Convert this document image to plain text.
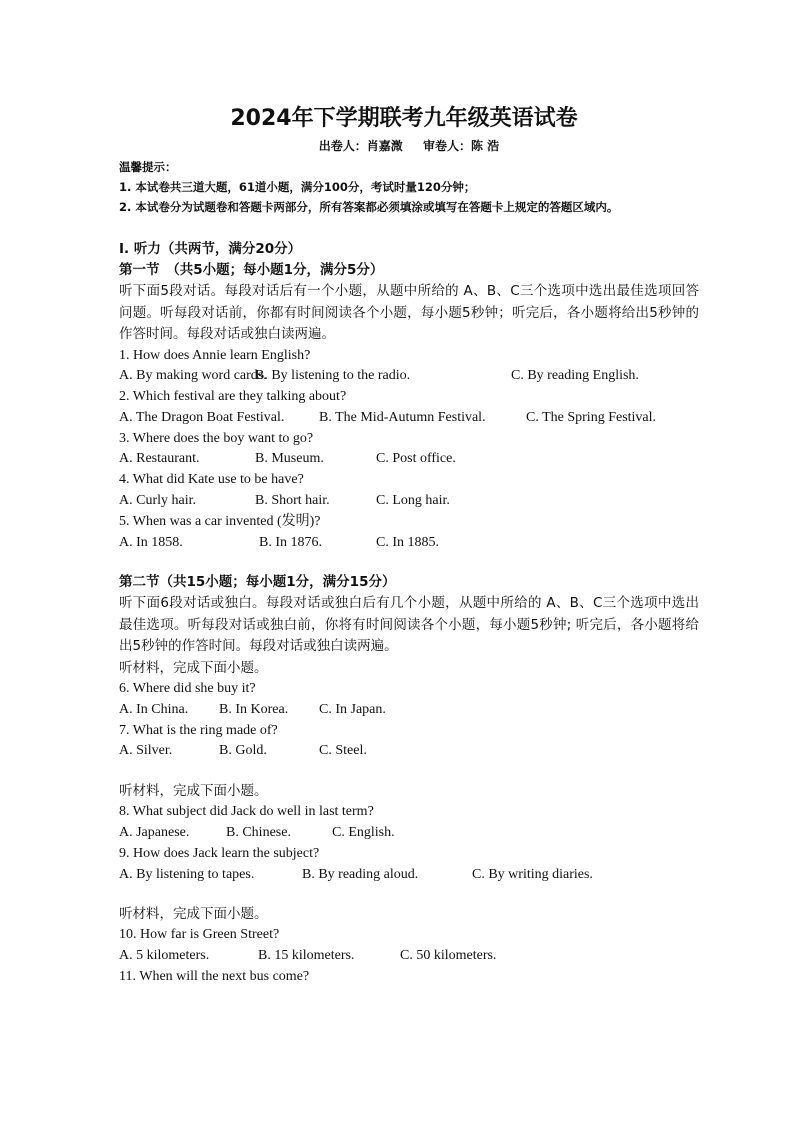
2024年下学期联考九年级英语试卷
出卷人：肖嘉溦 审卷人：陈 浩
温馨提示：
1. 本试卷共三道大题，61道小题，满分100分，考试时量120分钟；
2. 本试卷分为试题卷和答题卡两部分，所有答案都必须填涂或填写在答题卡上规定的答题区域内。
I. 听力（共两节，满分20分）
第一节　（共5小题；每小题1分，满分5分）
听下面5段对话。每段对话后有一个小题，从题中所给的 A、B、C三个选项中选出最佳选项回答问题。听每段对话前，你都有时间阅读各个小题，每小题5秒钟；听完后，各小题将给出5秒钟的作答时间。每段对话或独白读两遍。
1. How does Annie learn English?
A. By making word cards.B. By listening to the radio.	C. By reading English.
2. Which festival are they talking about?
A. The Dragon Boat Festival. B. The Mid-Autumn Festival.	C. The Spring Festival.
3. Where does the boy want to go?
A. Restaurant.	B. Museum.	C. Post office.
4. What did Kate use to be have?
A. Curly hair.	B. Short hair.	C. Long hair.
5. When was a car invented (发明)?
A. In 1858.	B. In 1876.	C. In 1885.
第二节（共15小题；每小题1分，满分15分）
听下面6段对话或独白。每段对话或独白后有几个小题，从题中所给的 A、B、C三个选项中选出最佳选项。听每段对话或独白前，你将有时间阅读各个小题，每小题5秒钟; 听完后，各小题将给出5秒钟的作答时间。每段对话或独白读两遍。
听材料，完成下面小题。
6. Where did she buy it?
A. In China. B. In Korea. C. In Japan.
7. What is the ring made of?
A. Silver.	B. Gold.	C. Steel.
听材料，完成下面小题。
8. What subject did Jack do well in last term?
A. Japanese.	B. Chinese.	C. English.
9. How does Jack learn the subject?
A. By listening to tapes.	B. By reading aloud.	C. By writing diaries.
听材料，完成下面小题。
10. How far is Green Street?
A. 5 kilometers.	B. 15 kilometers.	C. 50 kilometers.
11. When will the next bus come?
